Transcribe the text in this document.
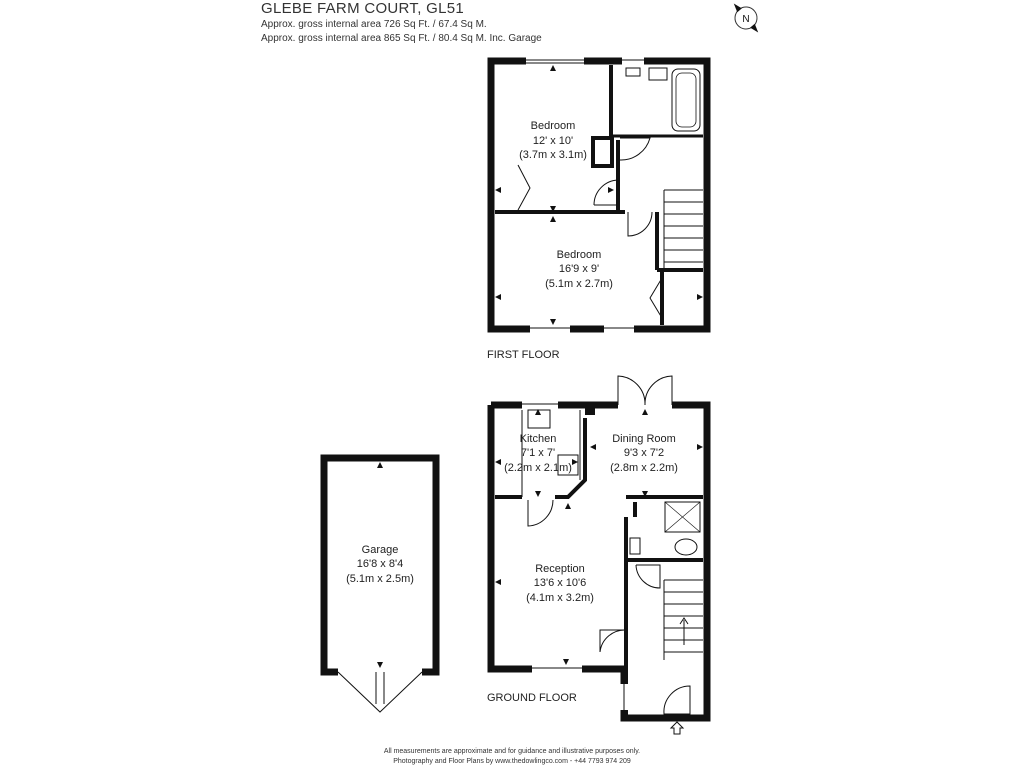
GLEBE FARM COURT, GL51
Approx. gross internal area 726 Sq Ft. / 67.4 Sq M.
Approx. gross internal area 865 Sq Ft. / 80.4 Sq M. Inc. Garage
N
Bedroom
12' x 10'
(3.7m x 3.1m)
Bedroom
16'9 x 9'
(5.1m x 2.7m)
Kitchen
7'1 x 7'
(2.2m x 2.1m)
Dining Room
9'3 x 7'2
(2.8m x 2.2m)
Reception
13'6 x 10'6
(4.1m x 3.2m)
Garage
16'8 x 8'4
(5.1m x 2.5m)
FIRST FLOOR
GROUND FLOOR
All measurements are approximate and for guidance and illustrative purposes only.
Photography and Floor Plans by www.thedowlingco.com - +44 7793 974 209
